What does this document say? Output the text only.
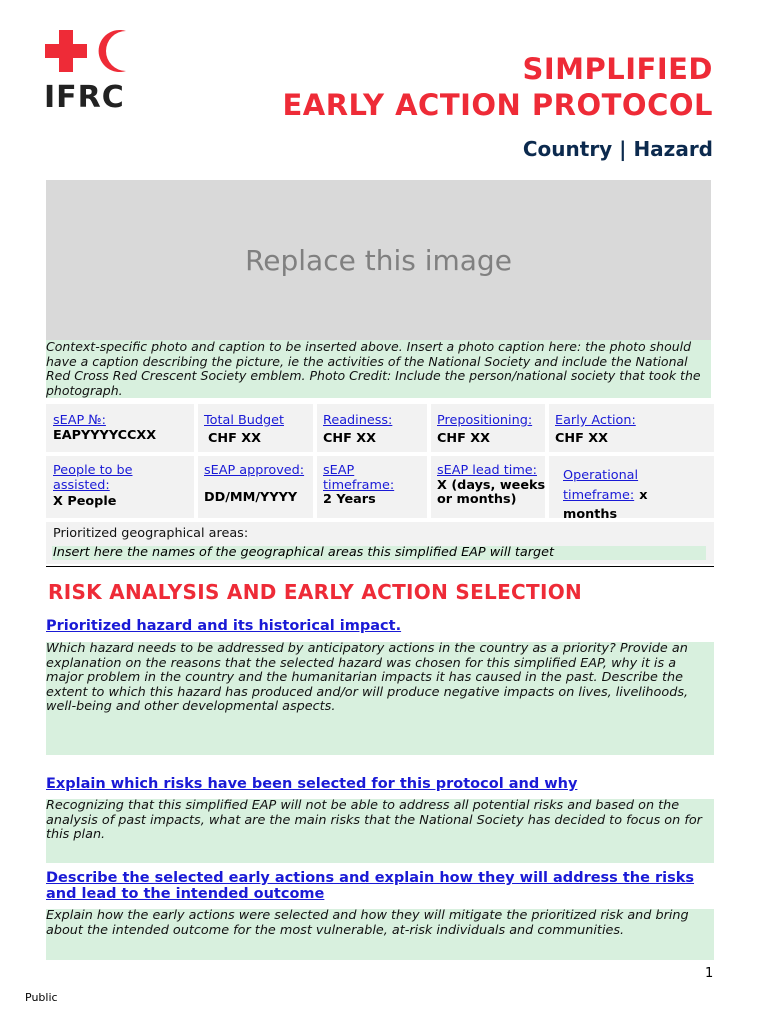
IFRC
SIMPLIFIED
EARLY ACTION PROTOCOL
Country | Hazard
Replace this image
Context-specific photo and caption to be inserted above. Insert a photo caption here: the photo should have a caption describing the picture, ie the activities of the National Society and include the National Red Cross Red Crescent Society emblem. Photo Credit: Include the person/national society that took the photograph.
sEAP №:
EAPYYYYCCXX
Total Budget
CHF XX
Readiness:
CHF XX
Prepositioning:
CHF XX
Early Action:
CHF XX
People to be assisted:
X People
sEAP approved:
DD/MM/YYYY
sEAP timeframe:
2 Years
sEAP lead time:
X (days, weeks or months)
Operational timeframe: x months
Prioritized geographical areas:
Insert here the names of the geographical areas this simplified EAP will target
RISK ANALYSIS AND EARLY ACTION SELECTION
Prioritized hazard and its historical impact.
Which hazard needs to be addressed by anticipatory actions in the country as a priority? Provide an explanation on the reasons that the selected hazard was chosen for this simplified EAP, why it is a major problem in the country and the humanitarian impacts it has caused in the past. Describe the extent to which this hazard has produced and/or will produce negative impacts on lives, livelihoods, well-being and other developmental aspects.
Explain which risks have been selected for this protocol and why
Recognizing that this simplified EAP will not be able to address all potential risks and based on the analysis of past impacts, what are the main risks that the National Society has decided to focus on for this plan.
Describe the selected early actions and explain how they will address the risks and lead to the intended outcome
Explain how the early actions were selected and how they will mitigate the prioritized risk and bring about the intended outcome for the most vulnerable, at-risk individuals and communities.
1
Public
